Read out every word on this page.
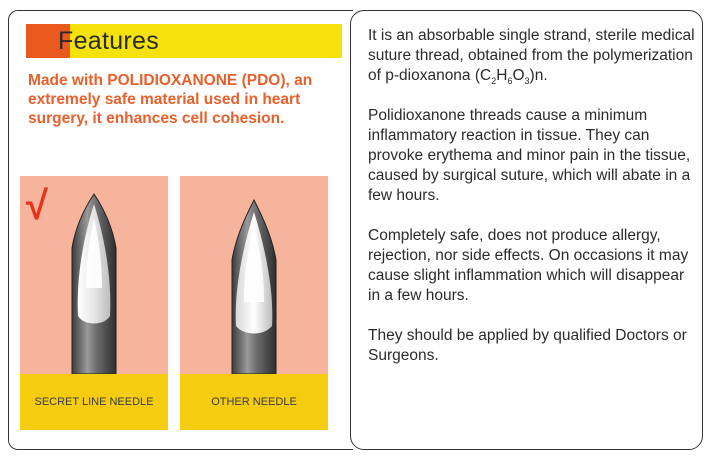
Features
Made with POLIDIOXANONE (PDO), an extremely safe material used in heart surgery, it enhances cell cohesion.
√
SECRET LINE NEEDLE	OTHER NEEDLE

It is an absorbable single strand, sterile medical suture thread, obtained from the polymerization of p-dioxanona $(C_2H_6O_3)n$.

Polidioxanone threads cause a minimum inflammatory reaction in tissue. They can provoke erythema and minor pain in the tissue, caused by surgical suture, which will abate in a few hours.

Completely safe, does not produce allergy, rejection, nor side effects. On occasions it may cause slight inflammation which will disappear in a few hours.

They should be applied by qualified Doctors or Surgeons.
